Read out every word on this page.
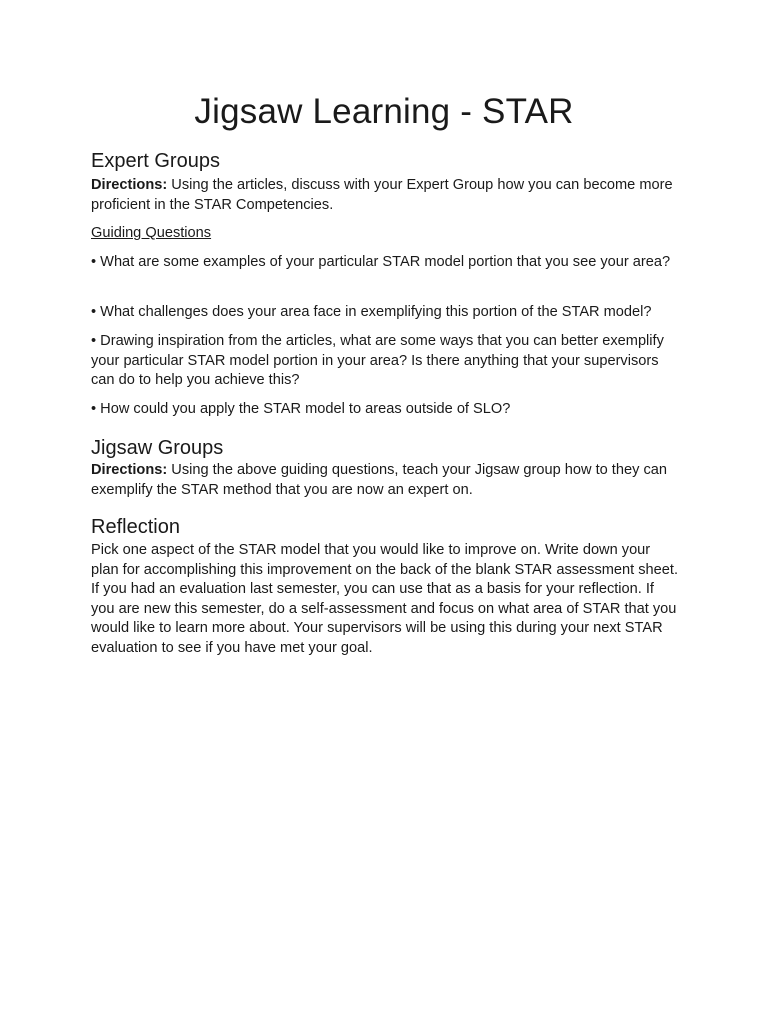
Jigsaw Learning - STAR
Expert Groups

Directions: Using the articles, discuss with your Expert Group how you can become more proficient in the STAR Competencies.

Guiding Questions

• What are some examples of your particular STAR model portion that you see your area?

• What challenges does your area face in exemplifying this portion of the STAR model?

• Drawing inspiration from the articles, what are some ways that you can better exemplify your particular STAR model portion in your area? Is there anything that your supervisors can do to help you achieve this?

• How could you apply the STAR model to areas outside of SLO?

Jigsaw Groups

Directions: Using the above guiding questions, teach your Jigsaw group how to they can exemplify the STAR method that you are now an expert on.

Reflection

Pick one aspect of the STAR model that you would like to improve on. Write down your plan for accomplishing this improvement on the back of the blank STAR assessment sheet. If you had an evaluation last semester, you can use that as a basis for your reflection. If you are new this semester, do a self-assessment and focus on what area of STAR that you would like to learn more about. Your supervisors will be using this during your next STAR evaluation to see if you have met your goal.
